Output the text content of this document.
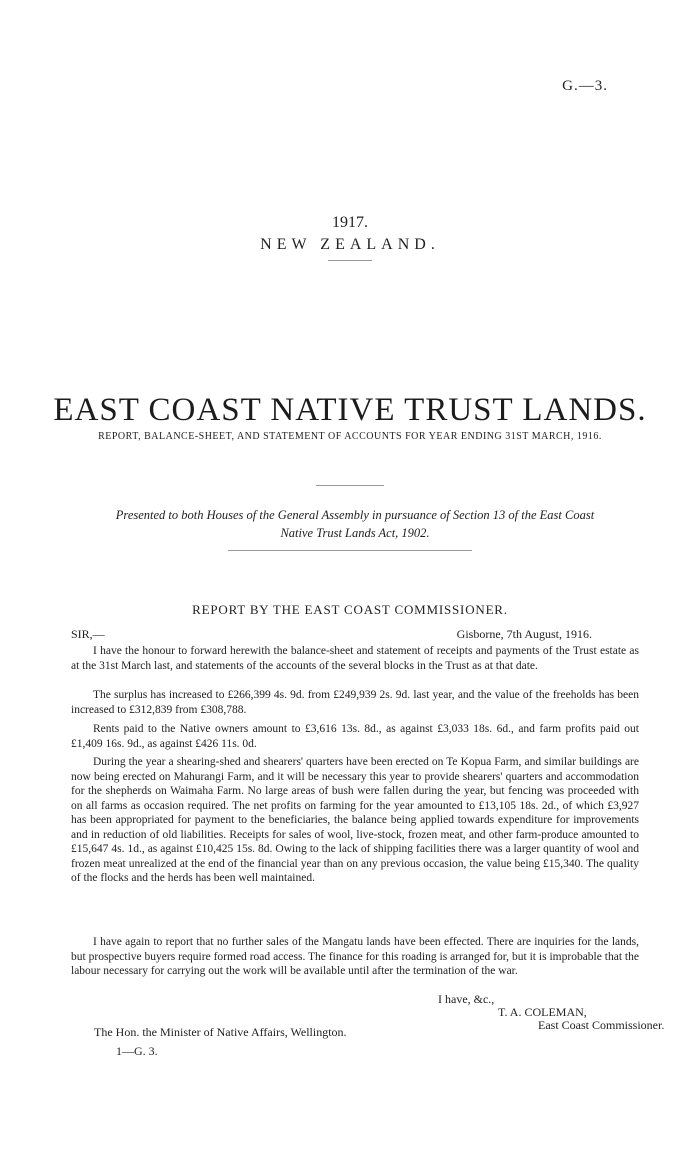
G.—3.
1917.
NEW ZEALAND.
EAST COAST NATIVE TRUST LANDS.
REPORT, BALANCE-SHEET, AND STATEMENT OF ACCOUNTS FOR YEAR ENDING 31ST MARCH, 1916.
Presented to both Houses of the General Assembly in pursuance of Section 13 of the East Coast
Native Trust Lands Act, 1902.
REPORT BY THE EAST COAST COMMISSIONER.
SIR,—	Gisborne, 7th August, 1916.

I have the honour to forward herewith the balance-sheet and statement of receipts and payments of the Trust estate as at the 31st March last, and statements of the accounts of the several blocks in the Trust as at that date.

The surplus has increased to £266,399 4s. 9d. from £249,939 2s. 9d. last year, and the value of the freeholds has been increased to £312,839 from £308,788.

Rents paid to the Native owners amount to £3,616 13s. 8d., as against £3,033 18s. 6d., and farm profits paid out £1,409 16s. 9d., as against £426 11s. 0d.

During the year a shearing-shed and shearers' quarters have been erected on Te Kopua Farm, and similar buildings are now being erected on Mahurangi Farm, and it will be necessary this year to provide shearers' quarters and accommodation for the shepherds on Waimaha Farm. No large areas of bush were fallen during the year, but fencing was proceeded with on all farms as occasion required. The net profits on farming for the year amounted to £13,105 18s. 2d., of which £3,927 has been appropriated for payment to the beneficiaries, the balance being applied towards expenditure for improvements and in reduction of old liabilities. Receipts for sales of wool, live-stock, frozen meat, and other farm-produce amounted to £15,647 4s. 1d., as against £10,425 15s. 8d. Owing to the lack of shipping facilities there was a larger quantity of wool and frozen meat unrealized at the end of the financial year than on any previous occasion, the value being £15,340. The quality of the flocks and the herds has been well maintained.

I have again to report that no further sales of the Mangatu lands have been effected. There are inquiries for the lands, but prospective buyers require formed road access. The finance for this roading is arranged for, but it is improbable that the labour necessary for carrying out the work will be available until after the termination of the war.

I have, &c.,
T. A. COLEMAN,
East Coast Commissioner.
The Hon. the Minister of Native Affairs, Wellington.
1—G. 3.
